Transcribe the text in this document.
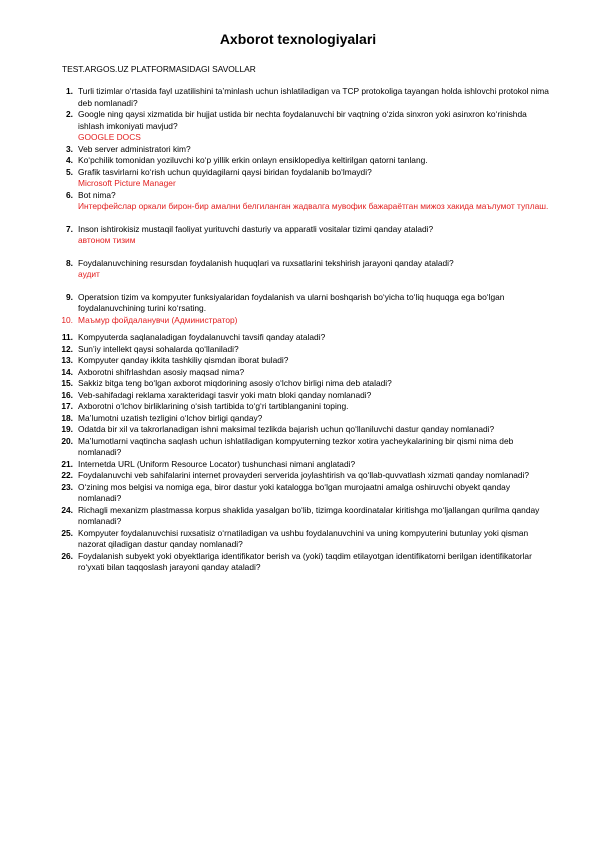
Axborot texnologiyalari
TEST.ARGOS.UZ PLATFORMASIDAGI SAVOLLAR
1. Turli tizimlar o‘rtasida fayl uzatilishini ta’minlash uchun ishlatiladigan va TCP protokoliga tayangan holda ishlovchi protokol nima deb nomlanadi?
2. Google ning qaysi xizmatida bir hujjat ustida bir nechta foydalanuvchi bir vaqtning o‘zida sinxron yoki asinxron ko‘rinishda ishlash imkoniyati mavjud?
GOOGLE DOCS
3. Veb server administratori kim?
4. Ko‘pchilik tomonidan yoziluvchi ko‘p yillik erkin onlayn ensiklopediya keltirilgan qatorni tanlang.
5. Grafik tasvirlarni ko‘rish uchun quyidagilarni qaysi biridan foydalanib bo‘lmaydi?
Microsoft Picture Manager
6. Bot nima?
Интерфейслар оркали бирон-бир амални белгиланган жадвалга мувофик бажараётган мижоз хакида маълумот туплаш.
7. Inson ishtirokisiz mustaqil faoliyat yurituvchi dasturiy va apparatli vositalar tizimi qanday ataladi?
автоном тизим
8. Foydalanuvchining resursdan foydalanish huquqlari va ruxsatlarini tekshirish jarayoni qanday ataladi?
аудит
9. Operatsion tizim va kompyuter funksiyalaridan foydalanish va ularni boshqarish bo‘yicha to‘liq huquqga ega bo‘lgan foydalanuvchining turini ko‘rsating.
10. Маъмур фойдаланувчи (Администратор)
11. Kompyuterda saqlanaladigan foydalanuvchi tavsifi qanday ataladi?
12. Sun’iy intellekt qaysi sohalarda qo‘llaniladi?
13. Kompyuter qanday ikkita tashkiliy qismdan iborat buladi?
14. Axborotni shifrlashdan asosiy maqsad nima?
15. Sakkiz bitga teng bo‘lgan axborot miqdorining asosiy o‘lchov birligi nima deb ataladi?
16. Veb-sahifadagi reklama xarakteridagi tasvir yoki matn bloki qanday nomlanadi?
17. Axborotni o‘lchov birliklarining o‘sish tartibida to‘g‘ri tartiblanganini toping.
18. Ma’lumotni uzatish tezligini o‘lchov birligi qanday?
19. Odatda bir xil va takrorlanadigan ishni maksimal tezlikda bajarish uchun qo‘llaniluvchi dastur qanday nomlanadi?
20. Ma’lumotlarni vaqtincha saqlash uchun ishlatiladigan kompyuterning tezkor xotira yacheykalarining bir qismi nima deb nomlanadi?
21. Internetda URL (Uniform Resource Locator) tushunchasi nimani anglatadi?
22. Foydalanuvchi veb sahifalarini internet provayderi serverida joylashtirish va qo‘llab-quvvatlash xizmati qanday nomlanadi?
23. O‘zining mos belgisi va nomiga ega, biror dastur yoki katalogga bo‘lgan murojaatni amalga oshiruvchi obyekt qanday nomlanadi?
24. Richagli mexanizm plastmassa korpus shaklida yasalgan bo‘lib, tizimga koordinatalar kiritishga mo‘ljallangan qurilma qanday nomlanadi?
25. Kompyuter foydalanuvchisi ruxsatisiz o‘rnatiladigan va ushbu foydalanuvchini va uning kompyuterini butunlay yoki qisman nazorat qiladigan dastur qanday nomlanadi?
26. Foydalanish subyekt yoki obyektlariga identifikator berish va (yoki) taqdim etilayotgan identifikatorni berilgan identifikatorlar ro‘yxati bilan taqqoslash jarayoni qanday ataladi?
